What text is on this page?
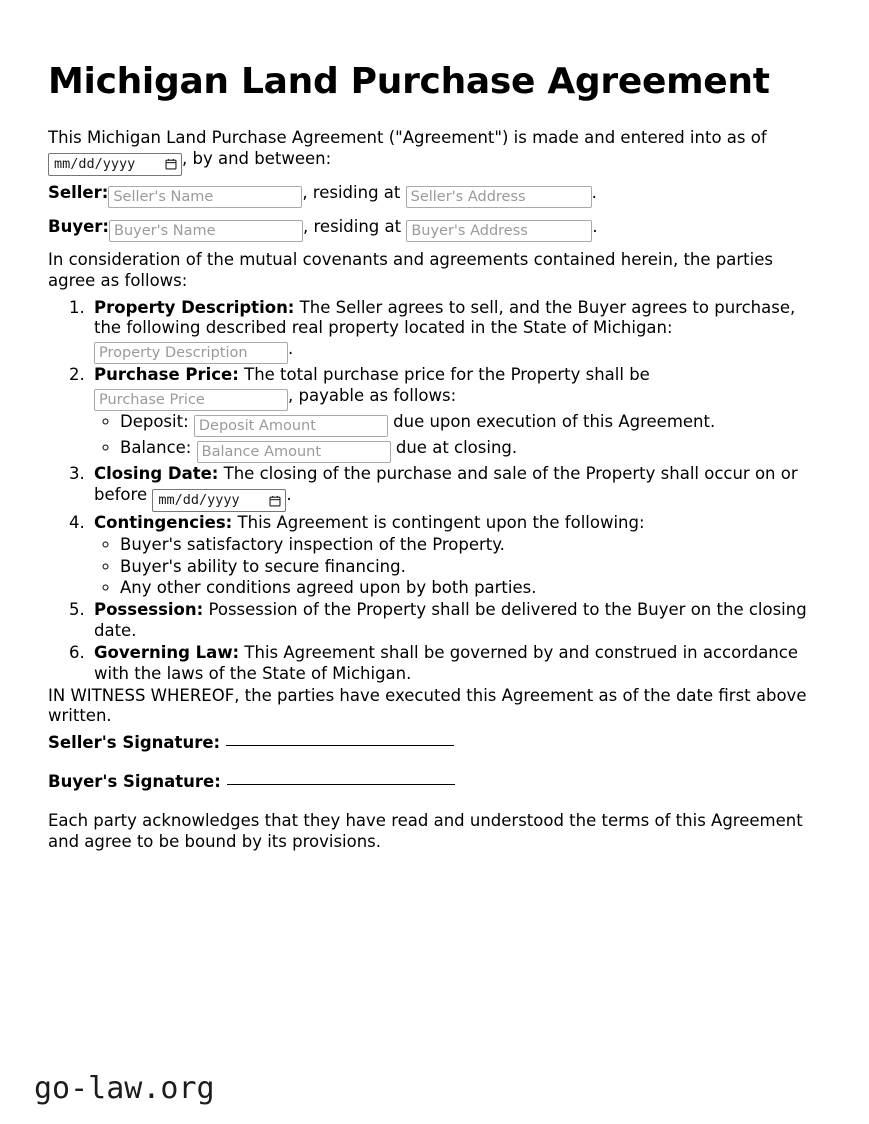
Michigan Land Purchase Agreement

This Michigan Land Purchase Agreement ("Agreement") is made and entered into as of

mm/dd/yyyy	, by and between:

Seller:Seller's Name	, residing at Seller's Address	.
Buyer:Buyer's Name	, residing at Buyer's Address	.

In consideration of the mutual covenants and agreements contained herein, the parties agree as follows:

1. Property Description: The Seller agrees to sell, and the Buyer agrees to purchase, the following described real property located in the State of Michigan:
Property Description.
2. Purchase Price: The total purchase price for the Property shall be
Purchase Price, payable as follows:
◦ Deposit: Deposit Amount	due upon execution of this Agreement.
◦ Balance: Balance Amount	due at closing.
3. Closing Date: The closing of the purchase and sale of the Property shall occur on or before mm/dd/yyyy	.
4. Contingencies: This Agreement is contingent upon the following:
◦ Buyer's satisfactory inspection of the Property.
◦ Buyer's ability to secure financing.
◦ Any other conditions agreed upon by both parties.
5. Possession: Possession of the Property shall be delivered to the Buyer on the closing date.
6. Governing Law: This Agreement shall be governed by and construed in accordance with the laws of the State of Michigan.

IN WITNESS WHEREOF, the parties have executed this Agreement as of the date first above written.

Seller's Signature:
Buyer's Signature:

Each party acknowledges that they have read and understood the terms of this Agreement and agree to be bound by its provisions.

go-law.org
